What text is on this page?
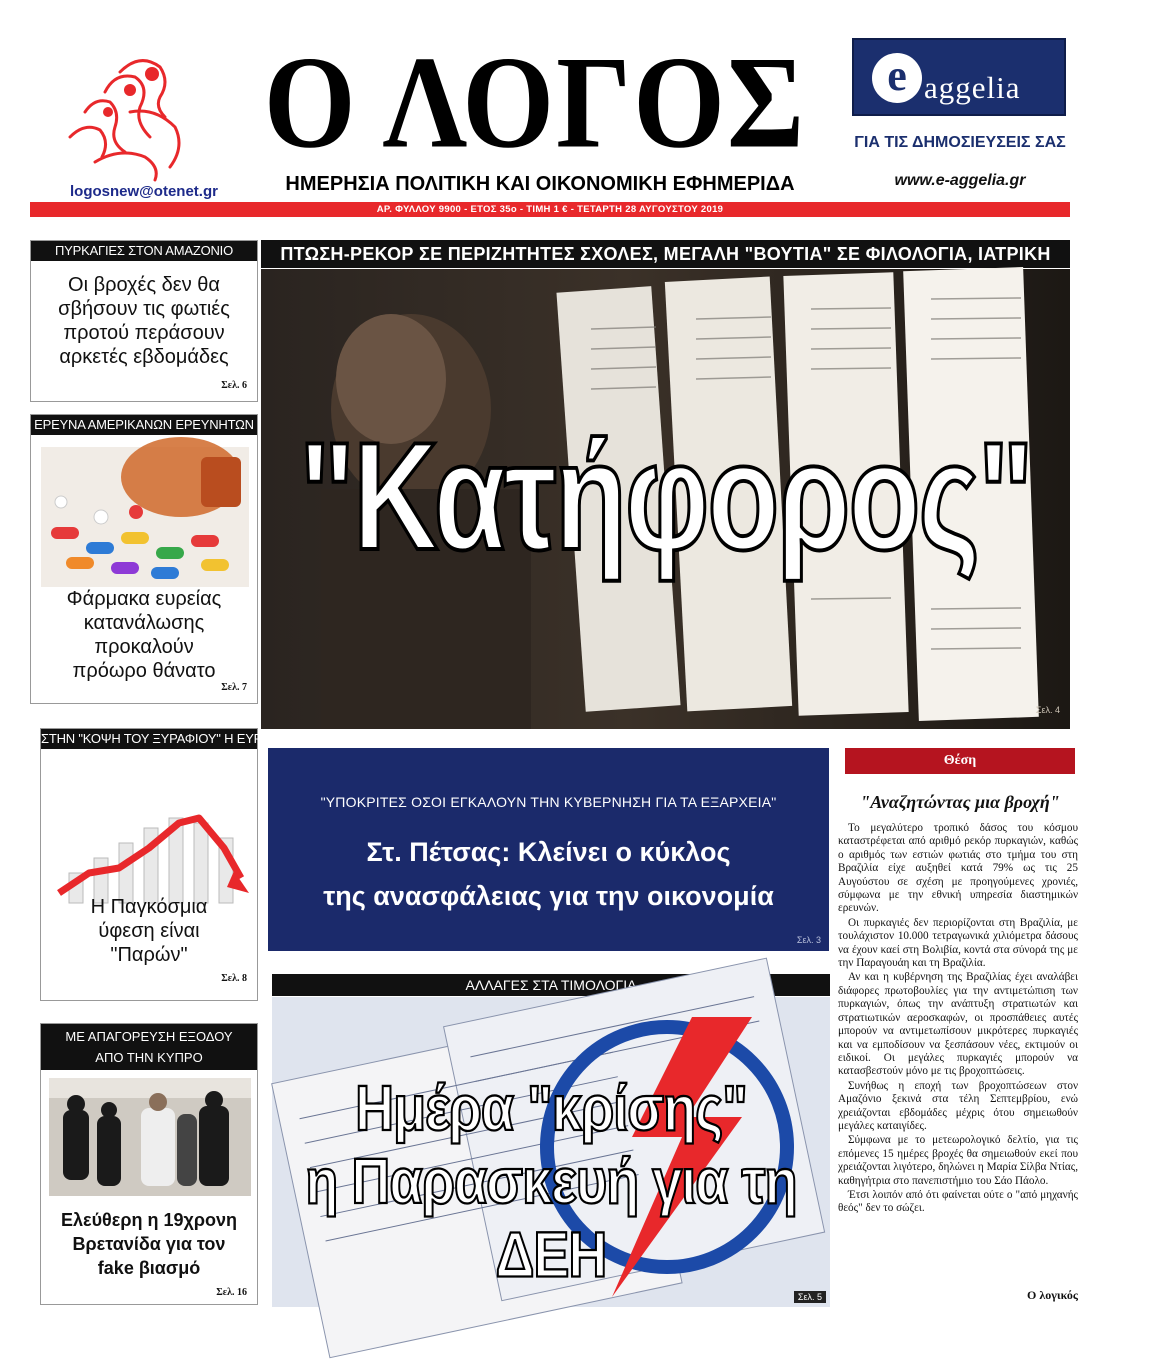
logosnew@otenet.gr
Ο ΛΟΓΟΣ
ΗΜΕΡΗΣΙΑ ΠΟΛΙΤΙΚΗ ΚΑΙ ΟΙΚΟΝΟΜΙΚΗ ΕΦΗΜΕΡΙΔΑ
e aggelia
ΓΙΑ ΤΙΣ ΔΗΜΟΣΙΕΥΣΕΙΣ ΣΑΣ
www.e-aggelia.gr
ΑΡ. ΦΥΛΛΟΥ 9900 - ΕΤΟΣ 35ο - ΤΙΜΗ 1 € - ΤΕΤΑΡΤΗ 28 ΑΥΓΟΥΣΤΟΥ 2019
ΠΥΡΚΑΓΙΕΣ ΣΤΟΝ ΑΜΑΖΟΝΙΟ
Οι βροχές δεν θα
σβήσουν τις φωτιές
προτού περάσουν
αρκετές εβδομάδες
Σελ. 6
ΕΡΕΥΝΑ ΑΜΕΡΙΚΑΝΩΝ ΕΡΕΥΝΗΤΩΝ
Φάρμακα ευρείας
κατανάλωσης
προκαλούν
πρόωρο θάνατο
Σελ. 7
ΣΤΗΝ "ΚΟΨΗ ΤΟΥ ΞΥΡΑΦΙΟΥ" Η ΕΥΡΩΠΗ
Η Παγκόσμια
ύφεση είναι
"Παρών"
Σελ. 8
ΜΕ ΑΠΑΓΟΡΕΥΣΗ ΕΞΟΔΟΥ
ΑΠΟ ΤΗΝ ΚΥΠΡΟ
Ελεύθερη η 19χρονη
Βρετανίδα για τον
fake βιασμό
Σελ. 16
ΠΤΩΣΗ-ΡΕΚΟΡ ΣΕ ΠΕΡΙΖΗΤΗΤΕΣ ΣΧΟΛΕΣ, ΜΕΓΑΛΗ "ΒΟΥΤΙΑ" ΣΕ ΦΙΛΟΛΟΓΙΑ, ΙΑΤΡΙΚΗ
"Κατήφορος"
Σελ. 4
"ΥΠΟΚΡΙΤΕΣ ΟΣΟΙ ΕΓΚΑΛΟΥΝ ΤΗΝ ΚΥΒΕΡΝΗΣΗ ΓΙΑ ΤΑ ΕΞΑΡΧΕΙΑ"
Στ. Πέτσας: Κλείνει ο κύκλος
της ανασφάλειας για την οικονομία
Σελ. 3
ΑΛΛΑΓΕΣ ΣΤΑ ΤΙΜΟΛΟΓΙΑ
Ημέρα "κρίσης"
η Παρασκευή για τη ΔΕΗ
Σελ. 5
Θέση
"Αναζητώντας μια βροχή"

Το μεγαλύτερο τροπικό δάσος του κόσμου καταστρέφεται από αριθμό ρεκόρ πυρκαγιών, καθώς ο αριθμός των εστιών φωτιάς στο τμήμα του στη Βραζιλία είχε αυξηθεί κατά 79% ως τις 25 Αυγούστου σε σχέση με προηγούμενες χρονιές, σύμφωνα με την εθνική υπηρεσία διαστημικών ερευνών.

Οι πυρκαγιές δεν περιορίζονται στη Βραζιλία, με τουλάχιστον 10.000 τετραγωνικά χιλιόμετρα δάσους να έχουν καεί στη Βολιβία, κοντά στα σύνορά της με την Παραγουάη και τη Βραζιλία.

Αν και η κυβέρνηση της Βραζιλίας έχει αναλάβει διάφορες πρωτοβουλίες για την αντιμετώπιση των πυρκαγιών, όπως την ανάπτυξη στρατιωτών και στρατιωτικών αεροσκαφών, οι προσπάθειες αυτές μπορούν να αντιμετωπίσουν μικρότερες πυρκαγιές και να εμποδίσουν να ξεσπάσουν νέες, εκτιμούν οι ειδικοί. Οι μεγάλες πυρκαγιές μπορούν να κατασβεστούν μόνο με τις βροχοπτώσεις.

Συνήθως η εποχή των βροχοπτώσεων στον Αμαζόνιο ξεκινά στα τέλη Σεπτεμβρίου, ενώ χρειάζονται εβδομάδες μέχρις ότου σημειωθούν μεγάλες καταιγίδες.

Σύμφωνα με το μετεωρολογικό δελτίο, για τις επόμενες 15 ημέρες βροχές θα σημειωθούν εκεί που χρειάζονται λιγότερο, δηλώνει η Μαρία Σίλβα Ντίας, καθηγήτρια στο πανεπιστήμιο του Σάο Πάολο.

Έτσι λοιπόν από ότι φαίνεται ούτε ο "από μηχανής θεός" δεν το σώζει.

Ο λογικός
